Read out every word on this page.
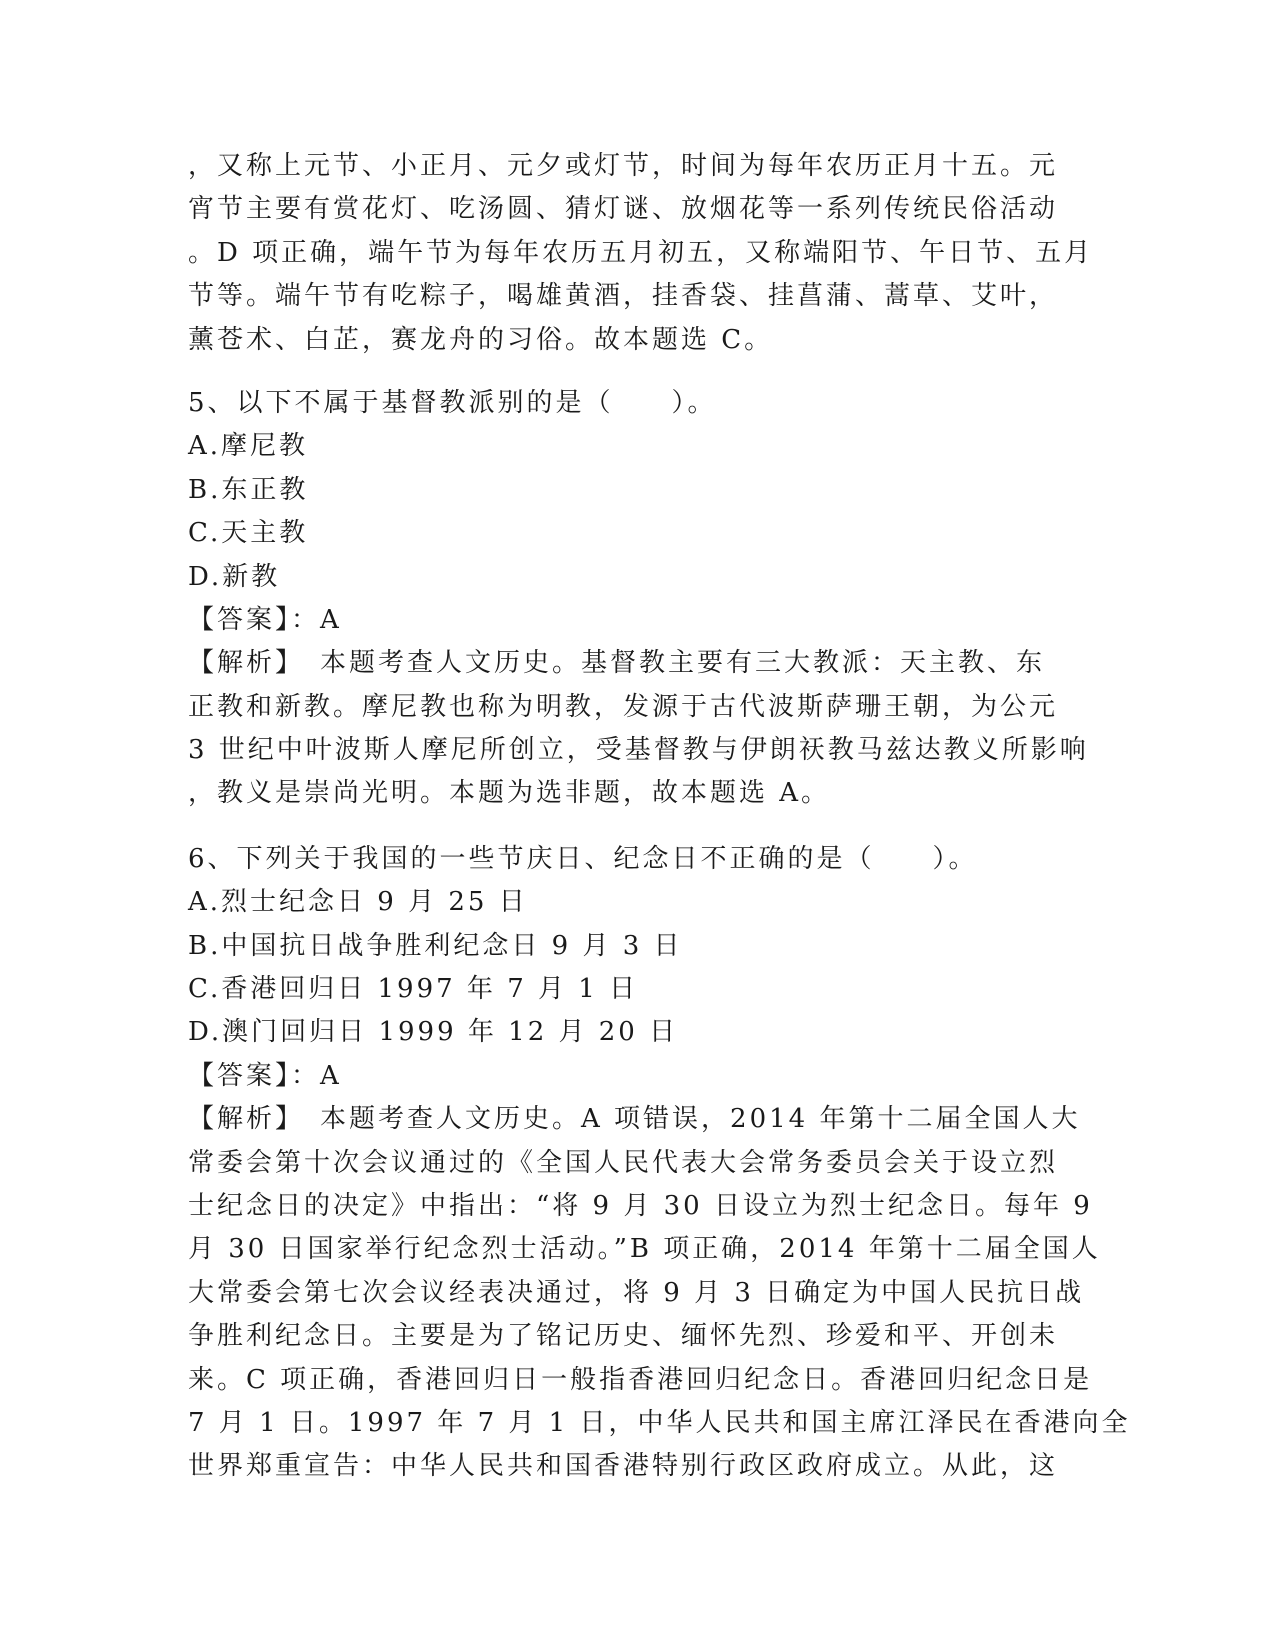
，又称上元节、小正月、元夕或灯节，时间为每年农历正月十五。元
宵节主要有赏花灯、吃汤圆、猜灯谜、放烟花等一系列传统民俗活动
。D 项正确，端午节为每年农历五月初五，又称端阳节、午日节、五月
节等。端午节有吃粽子，喝雄黄酒，挂香袋、挂菖蒲、蒿草、艾叶，
薰苍术、白芷，赛龙舟的习俗。故本题选 C。
5、以下不属于基督教派别的是（　　）。
A.摩尼教
B.东正教
C.天主教
D.新教
【答案】：A
【解析】　本题考查人文历史。基督教主要有三大教派：天主教、东
正教和新教。摩尼教也称为明教，发源于古代波斯萨珊王朝，为公元
3 世纪中叶波斯人摩尼所创立，受基督教与伊朗祆教马兹达教义所影响
，教义是崇尚光明。本题为选非题，故本题选 A。
6、下列关于我国的一些节庆日、纪念日不正确的是（　　）。
A.烈士纪念日 9 月 25 日
B.中国抗日战争胜利纪念日 9 月 3 日
C.香港回归日 1997 年 7 月 1 日
D.澳门回归日 1999 年 12 月 20 日
【答案】：A
【解析】　本题考查人文历史。A 项错误，2014 年第十二届全国人大
常委会第十次会议通过的《全国人民代表大会常务委员会关于设立烈
士纪念日的决定》中指出：“将 9 月 30 日设立为烈士纪念日。每年 9
月 30 日国家举行纪念烈士活动。”B 项正确，2014 年第十二届全国人
大常委会第七次会议经表决通过，将 9 月 3 日确定为中国人民抗日战
争胜利纪念日。主要是为了铭记历史、缅怀先烈、珍爱和平、开创未
来。C 项正确，香港回归日一般指香港回归纪念日。香港回归纪念日是
7 月 1 日。1997 年 7 月 1 日，中华人民共和国主席江泽民在香港向全
世界郑重宣告：中华人民共和国香港特别行政区政府成立。从此，这
